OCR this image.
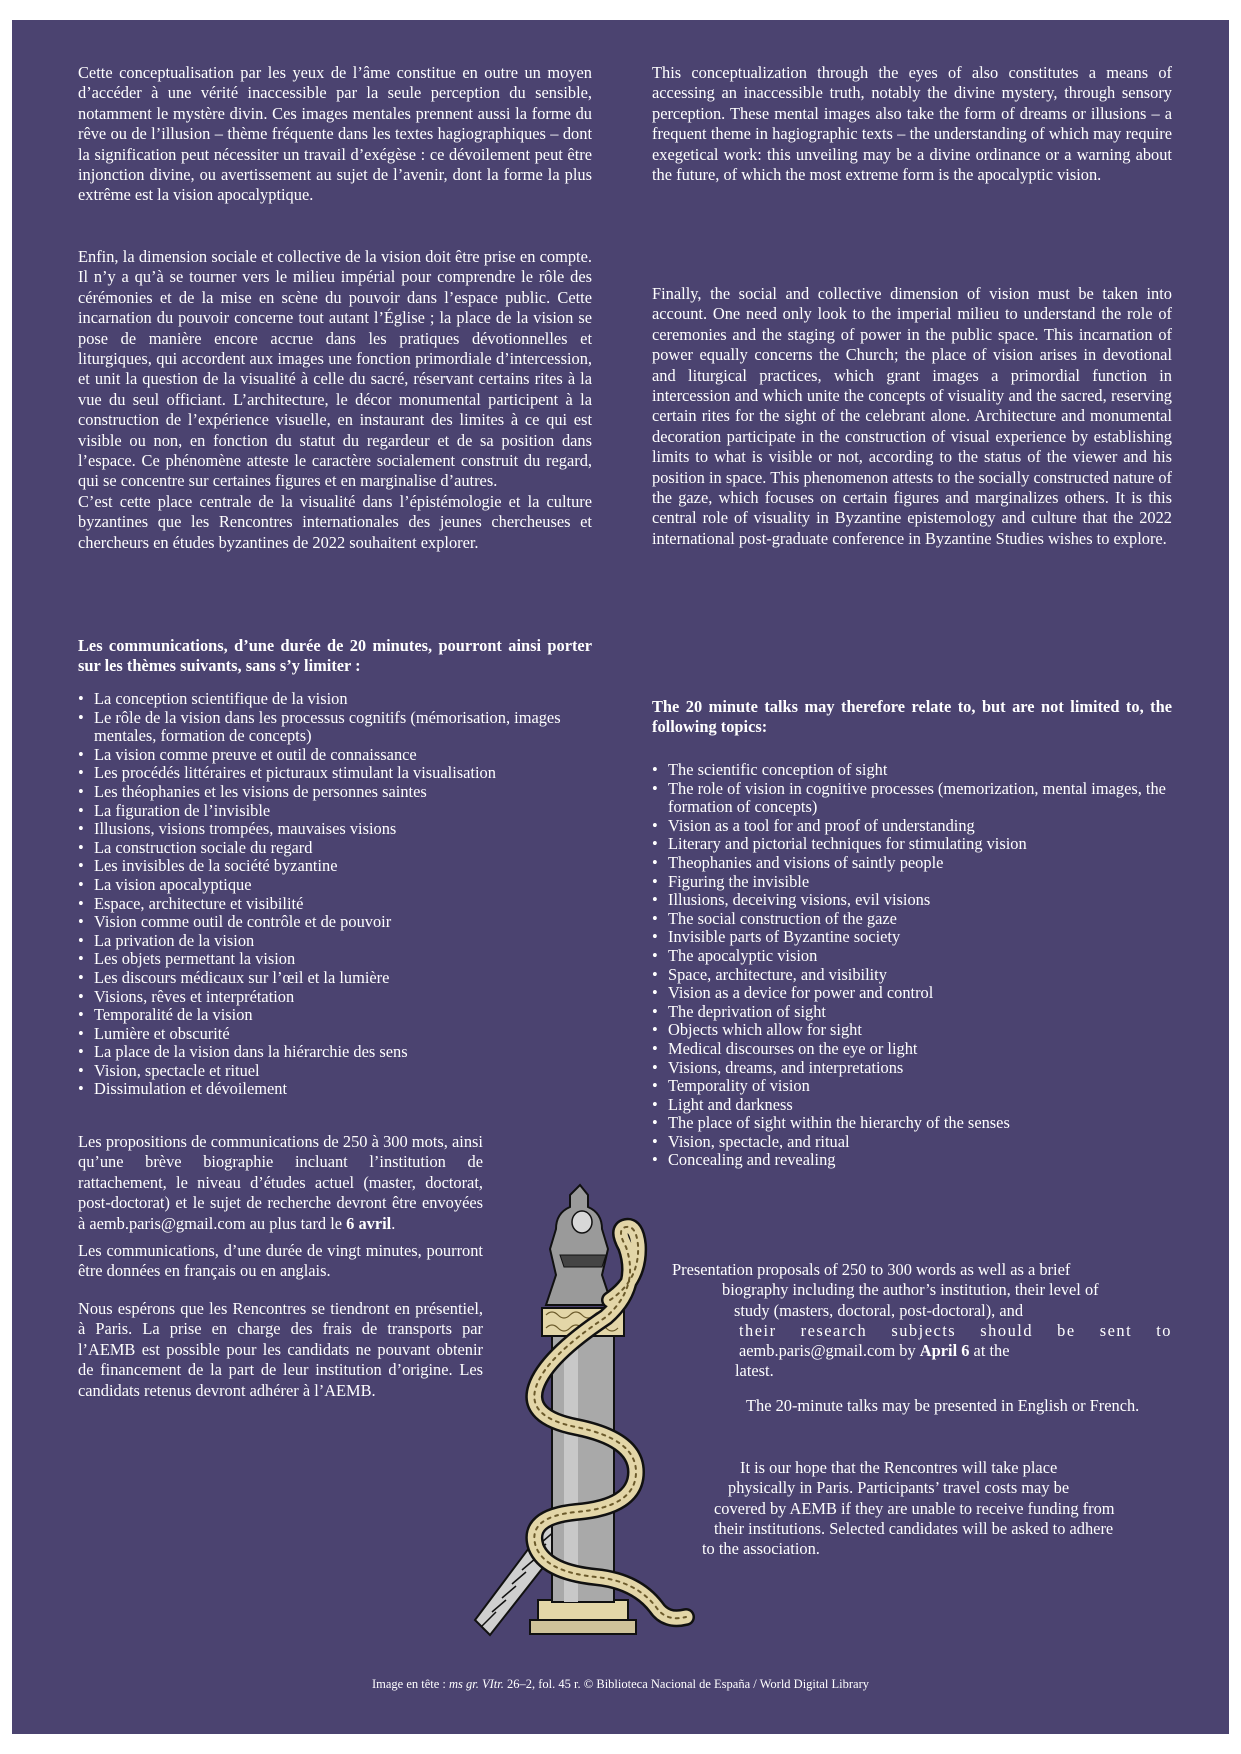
Cette conceptualisation par les yeux de l’âme constitue en outre un moyen d’accéder à une vérité inaccessible par la seule perception du sensible, notamment le mystère divin. Ces images mentales prennent aussi la forme du rêve ou de l’illusion – thème fréquente dans les textes hagiographiques – dont la signification peut nécessiter un travail d’exégèse : ce dévoilement peut être injonction divine, ou avertissement au sujet de l’avenir, dont la forme la plus extrême est la vision apocalyptique.

Enfin, la dimension sociale et collective de la vision doit être prise en compte. Il n’y a qu’à se tourner vers le milieu impérial pour comprendre le rôle des cérémonies et de la mise en scène du pouvoir dans l’espace public. Cette incarnation du pouvoir concerne tout autant l’Église ; la place de la vision se pose de manière encore accrue dans les pratiques dévotionnelles et liturgiques, qui accordent aux images une fonction primordiale d’intercession, et unit la question de la visualité à celle du sacré, réservant certains rites à la vue du seul officiant. L’architecture, le décor monumental participent à la construction de l’expérience visuelle, en instaurant des limites à ce qui est visible ou non, en fonction du statut du regardeur et de sa position dans l’espace. Ce phénomène atteste le caractère socialement construit du regard, qui se concentre sur certaines figures et en marginalise d’autres.

C’est cette place centrale de la visualité dans l’épistémologie et la culture byzantines que les Rencontres internationales des jeunes chercheuses et chercheurs en études byzantines de 2022 souhaitent explorer.

Les communications, d’une durée de 20 minutes, pourront ainsi porter sur les thèmes suivants, sans s’y limiter :

• La conception scientifique de la vision
• Le rôle de la vision dans les processus cognitifs (mémorisation, images mentales, formation de concepts)
• La vision comme preuve et outil de connaissance
• Les procédés littéraires et picturaux stimulant la visualisation
• Les théophanies et les visions de personnes saintes
• La figuration de l’invisible
• Illusions, visions trompées, mauvaises visions
• La construction sociale du regard
• Les invisibles de la société byzantine
• La vision apocalyptique
• Espace, architecture et visibilité
• Vision comme outil de contrôle et de pouvoir
• La privation de la vision
• Les objets permettant la vision
• Les discours médicaux sur l’œil et la lumière
• Visions, rêves et interprétation
• Temporalité de la vision
• Lumière et obscurité
• La place de la vision dans la hiérarchie des sens
• Vision, spectacle et rituel
• Dissimulation et dévoilement

Les propositions de communications de 250 à 300 mots, ainsi qu’une brève biographie incluant l’institution de rattachement, le niveau d’études actuel (master, doctorat, post-doctorat) et le sujet de recherche devront être envoyées à aemb.paris@gmail.com au plus tard le 6 avril.

Les communications, d’une durée de vingt minutes, pourront être données en français ou en anglais.

Nous espérons que les Rencontres se tiendront en présentiel, à Paris. La prise en charge des frais de transports par l’AEMB est possible pour les candidats ne pouvant obtenir de financement de la part de leur institution d’origine. Les candidats retenus devront adhérer à l’AEMB.

This conceptualization through the eyes of also constitutes a means of accessing an inaccessible truth, notably the divine mystery, through sensory perception. These mental images also take the form of dreams or illusions – a frequent theme in hagiographic texts – the understanding of which may require exegetical work: this unveiling may be a divine ordinance or a warning about the future, of which the most extreme form is the apocalyptic vision.

Finally, the social and collective dimension of vision must be taken into account. One need only look to the imperial milieu to understand the role of ceremonies and the staging of power in the public space. This incarnation of power equally concerns the Church; the place of vision arises in devotional and liturgical practices, which grant images a primordial function in intercession and which unite the concepts of visuality and the sacred, reserving certain rites for the sight of the celebrant alone. Architecture and monumental decoration participate in the construction of visual experience by establishing limits to what is visible or not, according to the status of the viewer and his position in space. This phenomenon attests to the socially constructed nature of the gaze, which focuses on certain figures and marginalizes others. It is this central role of visuality in Byzantine epistemology and culture that the 2022 international post-graduate conference in Byzantine Studies wishes to explore.

The 20 minute talks may therefore relate to, but are not limited to, the following topics:

• The scientific conception of sight
• The role of vision in cognitive processes (memorization, mental images, the formation of concepts)
• Vision as a tool for and proof of understanding
• Literary and pictorial techniques for stimulating vision
• Theophanies and visions of saintly people
• Figuring the invisible
• Illusions, deceiving visions, evil visions
• The social construction of the gaze
• Invisible parts of Byzantine society
• The apocalyptic vision
• Space, architecture, and visibility
• Vision as a device for power and control
• The deprivation of sight
• Objects which allow for sight
• Medical discourses on the eye or light
• Visions, dreams, and interpretations
• Temporality of vision
• Light and darkness
• The place of sight within the hierarchy of the senses
• Vision, spectacle, and ritual
• Concealing and revealing
Presentation proposals of 250 to 300 words as well as a brief
biography including the author’s institution, their level of
study (masters, doctoral, post-doctoral), and
their research subjects should be sent to
aemb.paris@gmail.com by April 6 at the
latest.

The 20-minute talks may be presented in English or French.

It is our hope that the Rencontres will take place
physically in Paris. Participants’ travel costs may be
covered by AEMB if they are unable to receive funding from
their institutions. Selected candidates will be asked to adhere
to the association.
Image en tête : ms gr. VItr. 26–2, fol. 45 r. © Biblioteca Nacional de España / World Digital Library
